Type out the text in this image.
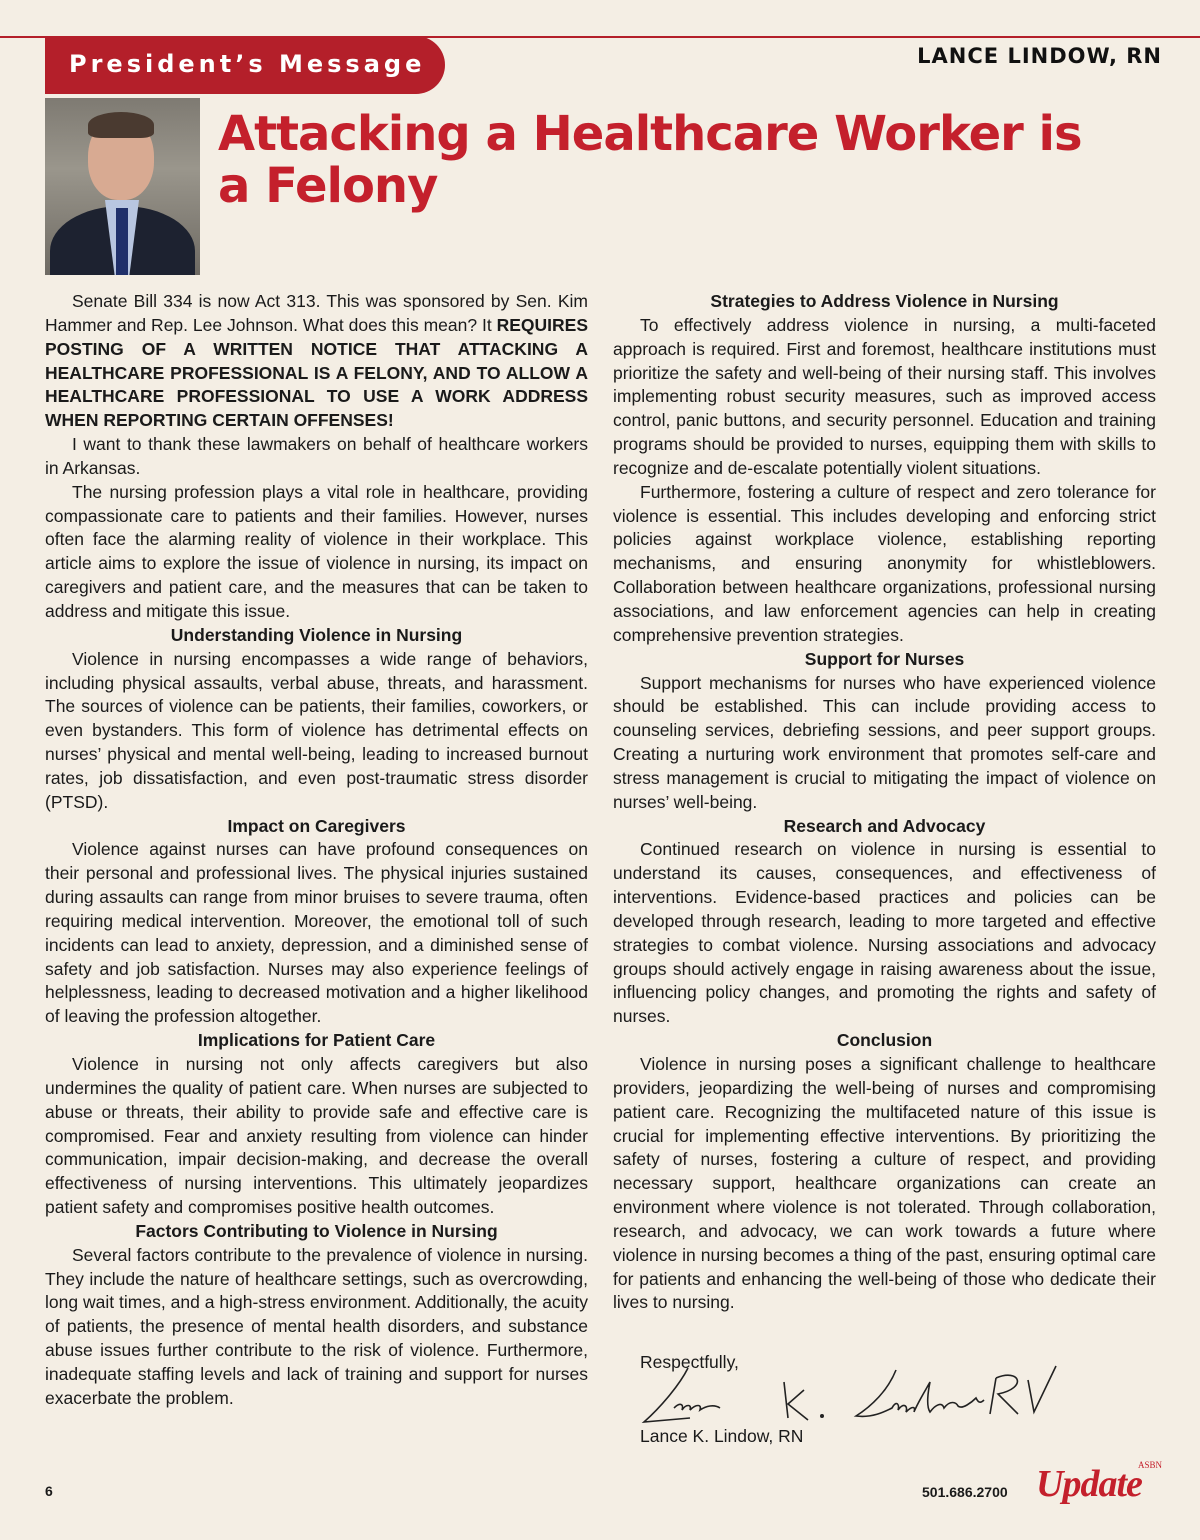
President’s Message	LANCE LINDOW, RN
Attacking a Healthcare Worker is a Felony

Senate Bill 334 is now Act 313. This was sponsored by Sen. Kim Hammer and Rep. Lee Johnson. What does this mean? It REQUIRES POSTING OF A WRITTEN NOTICE THAT ATTACKING A HEALTHCARE PROFESSIONAL IS A FELONY, AND TO ALLOW A HEALTHCARE PROFESSIONAL TO USE A WORK ADDRESS WHEN REPORTING CERTAIN OFFENSES!

I want to thank these lawmakers on behalf of healthcare workers in Arkansas.

The nursing profession plays a vital role in healthcare, providing compassionate care to patients and their families. However, nurses often face the alarming reality of violence in their workplace. This article aims to explore the issue of violence in nursing, its impact on caregivers and patient care, and the measures that can be taken to address and mitigate this issue.

Understanding Violence in Nursing

Violence in nursing encompasses a wide range of behaviors, including physical assaults, verbal abuse, threats, and harassment. The sources of violence can be patients, their families, coworkers, or even bystanders. This form of violence has detrimental effects on nurses’ physical and mental well-being, leading to increased burnout rates, job dissatisfaction, and even post-traumatic stress disorder (PTSD).

Impact on Caregivers

Violence against nurses can have profound consequences on their personal and professional lives. The physical injuries sustained during assaults can range from minor bruises to severe trauma, often requiring medical intervention. Moreover, the emotional toll of such incidents can lead to anxiety, depression, and a diminished sense of safety and job satisfaction. Nurses may also experience feelings of helplessness, leading to decreased motivation and a higher likelihood of leaving the profession altogether.

Implications for Patient Care

Violence in nursing not only affects caregivers but also undermines the quality of patient care. When nurses are subjected to abuse or threats, their ability to provide safe and effective care is compromised. Fear and anxiety resulting from violence can hinder communication, impair decision-making, and decrease the overall effectiveness of nursing interventions. This ultimately jeopardizes patient safety and compromises positive health outcomes.

Factors Contributing to Violence in Nursing

Several factors contribute to the prevalence of violence in nursing. They include the nature of healthcare settings, such as overcrowding, long wait times, and a high-stress environment. Additionally, the acuity of patients, the presence of mental health disorders, and substance abuse issues further contribute to the risk of violence. Furthermore, inadequate staffing levels and lack of training and support for nurses exacerbate the problem.

Strategies to Address Violence in Nursing

To effectively address violence in nursing, a multi-faceted approach is required. First and foremost, healthcare institutions must prioritize the safety and well-being of their nursing staff. This involves implementing robust security measures, such as improved access control, panic buttons, and security personnel. Education and training programs should be provided to nurses, equipping them with skills to recognize and de-escalate potentially violent situations.

Furthermore, fostering a culture of respect and zero tolerance for violence is essential. This includes developing and enforcing strict policies against workplace violence, establishing reporting mechanisms, and ensuring anonymity for whistleblowers. Collaboration between healthcare organizations, professional nursing associations, and law enforcement agencies can help in creating comprehensive prevention strategies.

Support for Nurses

Support mechanisms for nurses who have experienced violence should be established. This can include providing access to counseling services, debriefing sessions, and peer support groups. Creating a nurturing work environment that promotes self-care and stress management is crucial to mitigating the impact of violence on nurses’ well-being.

Research and Advocacy

Continued research on violence in nursing is essential to understand its causes, consequences, and effectiveness of interventions. Evidence-based practices and policies can be developed through research, leading to more targeted and effective strategies to combat violence. Nursing associations and advocacy groups should actively engage in raising awareness about the issue, influencing policy changes, and promoting the rights and safety of nurses.

Conclusion

Violence in nursing poses a significant challenge to healthcare providers, jeopardizing the well-being of nurses and compromising patient care. Recognizing the multifaceted nature of this issue is crucial for implementing effective interventions. By prioritizing the safety of nurses, fostering a culture of respect, and providing necessary support, healthcare organizations can create an environment where violence is not tolerated. Through collaboration, research, and advocacy, we can work towards a future where violence in nursing becomes a thing of the past, ensuring optimal care for patients and enhancing the well-being of those who dedicate their lives to nursing.

Respectfully,
Lance K. Lindow, RN
6	501.686.2700
ASBN
Update
